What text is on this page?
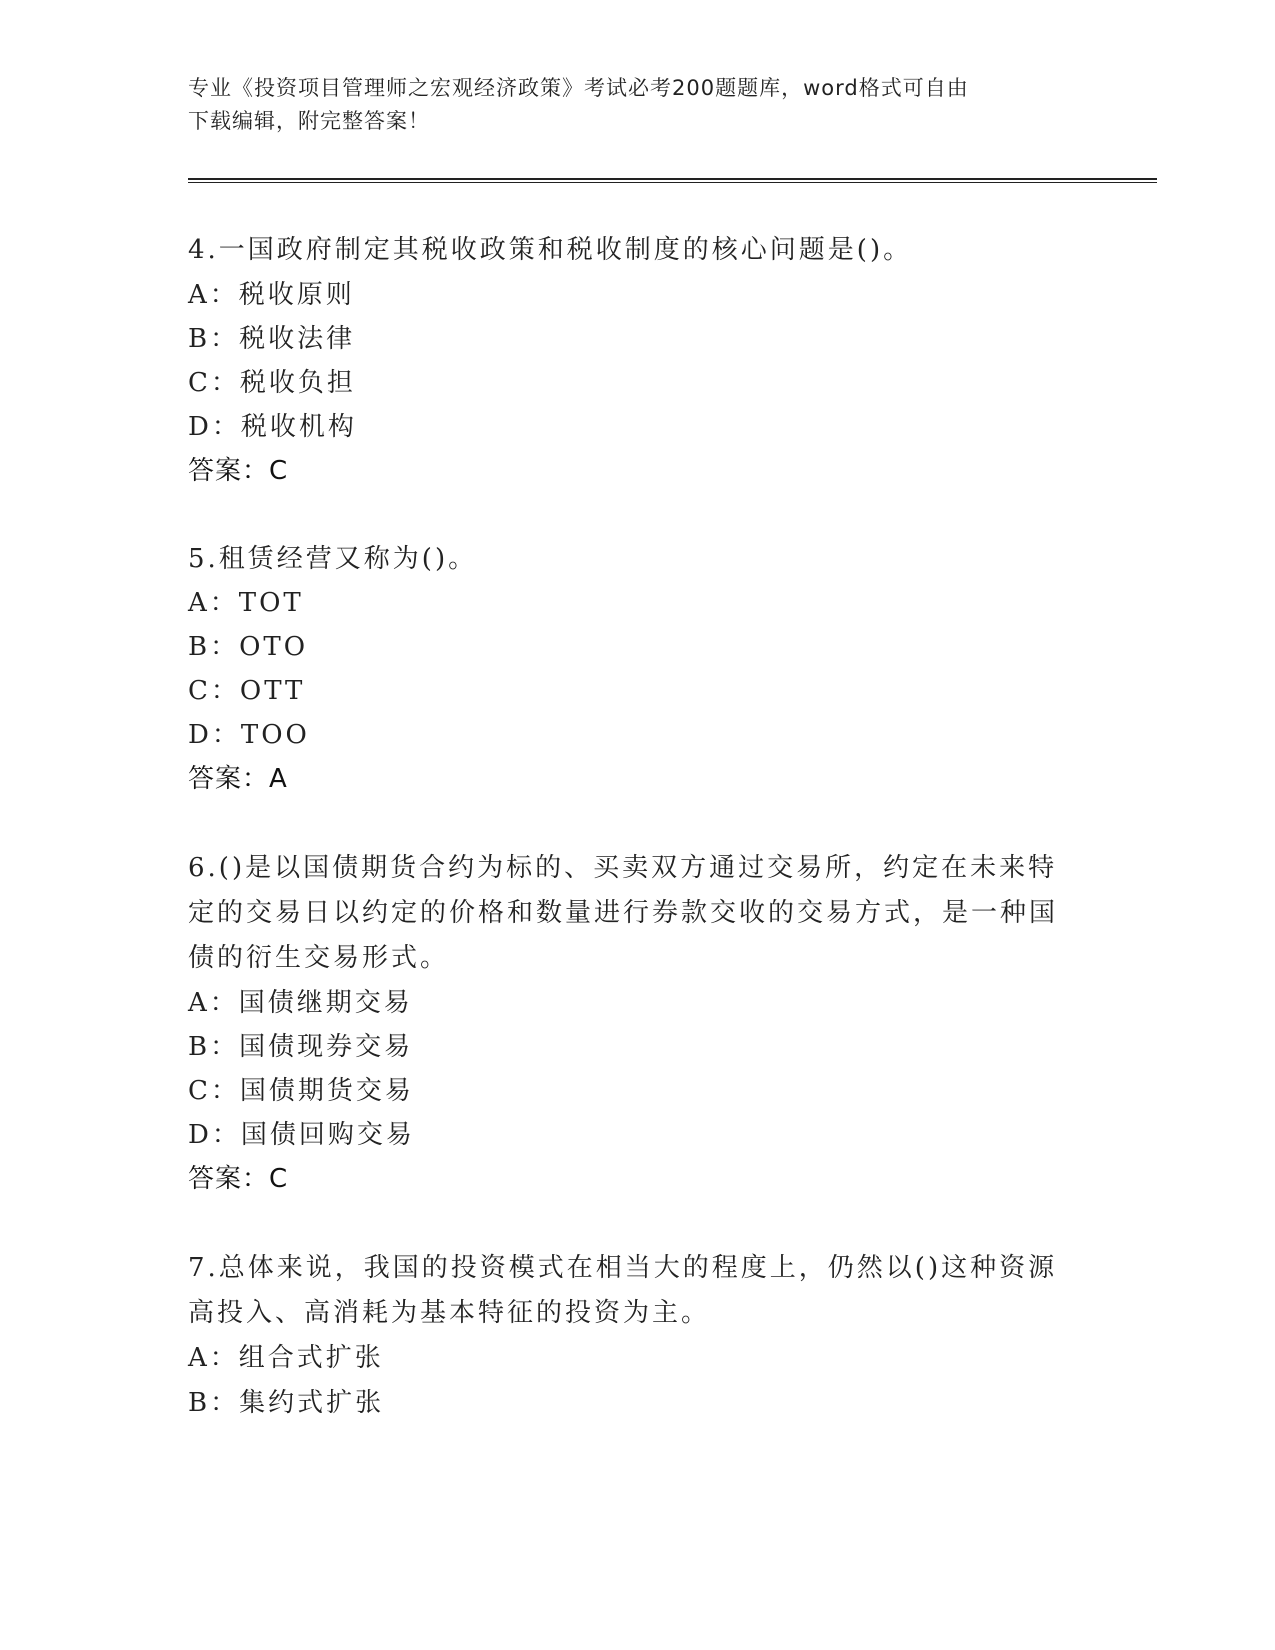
专业《投资项目管理师之宏观经济政策》考试必考200题题库，word格式可自由
下载编辑，附完整答案！
4.一国政府制定其税收政策和税收制度的核心问题是()。
A：税收原则
B：税收法律
C：税收负担
D：税收机构
答案：C
5.租赁经营又称为()。
A：TOT
B：OTO
C：OTT
D：TOO
答案：A
6.()是以国债期货合约为标的、买卖双方通过交易所，约定在未来特
定的交易日以约定的价格和数量进行券款交收的交易方式，是一种国
债的衍生交易形式。
A：国债继期交易
B：国债现券交易
C：国债期货交易
D：国债回购交易
答案：C
7.总体来说，我国的投资模式在相当大的程度上，仍然以()这种资源
高投入、高消耗为基本特征的投资为主。
A：组合式扩张
B：集约式扩张
